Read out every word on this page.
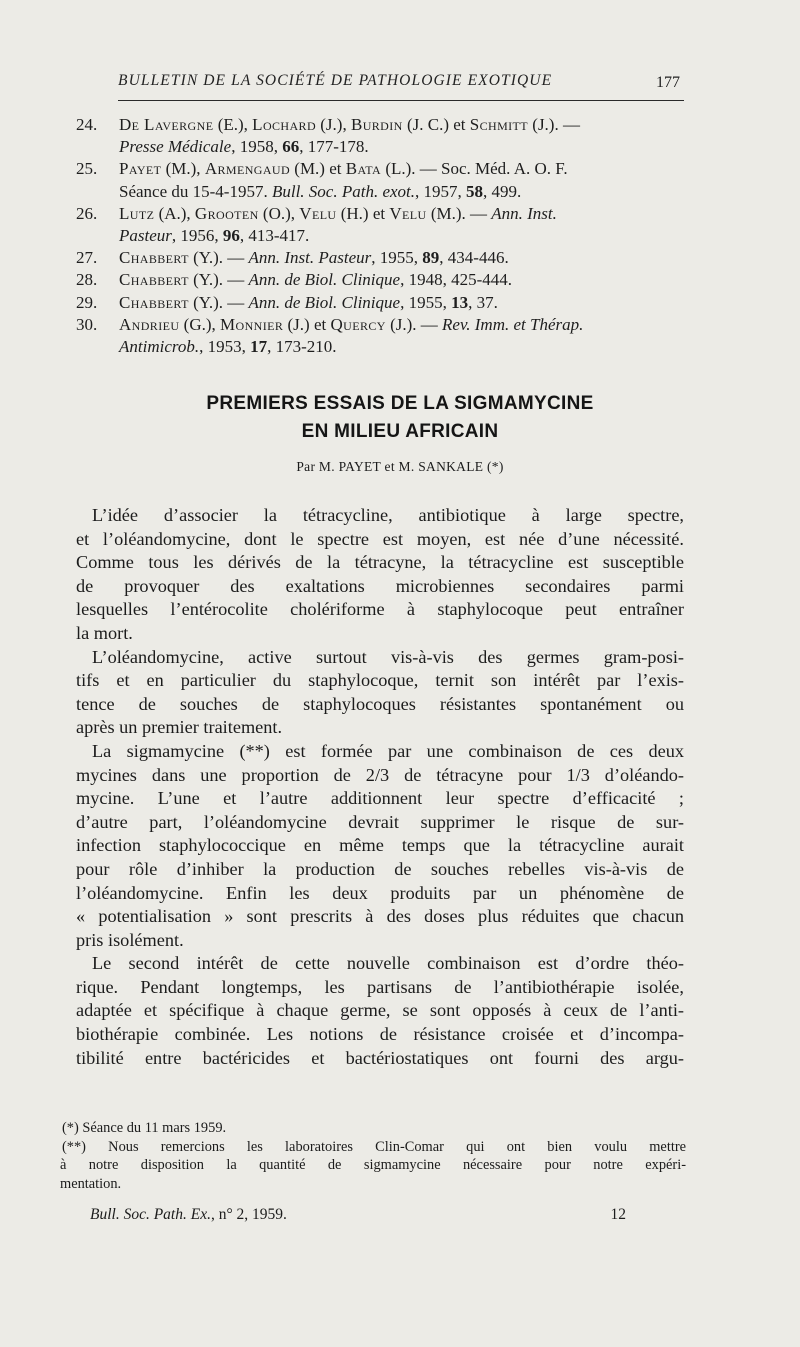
BULLETIN DE LA SOCIÉTÉ DE PATHOLOGIE EXOTIQUE	177
24.	De Lavergne (E.), Lochard (J.), Burdin (J. C.) et Schmitt (J.). —
Presse Médicale, 1958, 66, 177-178.
25.	Payet (M.), Armengaud (M.) et Bata (L.). — Soc. Méd. A. O. F.
Séance du 15-4-1957. Bull. Soc. Path. exot., 1957, 58, 499.
26.	Lutz (A.), Grooten (O.), Velu (H.) et Velu (M.). — Ann. Inst.
Pasteur, 1956, 96, 413-417.
27.	Chabbert (Y.). — Ann. Inst. Pasteur, 1955, 89, 434-446.
28.	Chabbert (Y.). — Ann. de Biol. Clinique, 1948, 425-444.
29.	Chabbert (Y.). — Ann. de Biol. Clinique, 1955, 13, 37.
30.	Andrieu (G.), Monnier (J.) et Quercy (J.). — Rev. Imm. et Thérap.
Antimicrob., 1953, 17, 173-210.
PREMIERS ESSAIS DE LA SIGMAMYCINE
EN MILIEU AFRICAIN
Par M. PAYET et M. SANKALE (*)
L’idée d’associer la tétracycline, antibiotique à large spectre,
et l’oléandomycine, dont le spectre est moyen, est née d’une nécessité.
Comme tous les dérivés de la tétracyne, la tétracycline est susceptible
de provoquer des exaltations microbiennes secondaires parmi
lesquelles l’entérocolite cholériforme à staphylocoque peut entraîner
la mort.
L’oléandomycine, active surtout vis-à-vis des germes gram-posi-
tifs et en particulier du staphylocoque, ternit son intérêt par l’exis-
tence de souches de staphylocoques résistantes spontanément ou
après un premier traitement.
La sigmamycine (**) est formée par une combinaison de ces deux
mycines dans une proportion de 2/3 de tétracyne pour 1/3 d’oléando-
mycine. L’une et l’autre additionnent leur spectre d’efficacité ;
d’autre part, l’oléandomycine devrait supprimer le risque de sur-
infection staphylococcique en même temps que la tétracycline aurait
pour rôle d’inhiber la production de souches rebelles vis-à-vis de
l’oléandomycine. Enfin les deux produits par un phénomène de
« potentialisation » sont prescrits à des doses plus réduites que chacun
pris isolément.
Le second intérêt de cette nouvelle combinaison est d’ordre théo-
rique. Pendant longtemps, les partisans de l’antibiothérapie isolée,
adaptée et spécifique à chaque germe, se sont opposés à ceux de l’anti-
biothérapie combinée. Les notions de résistance croisée et d’incompa-
tibilité entre bactéricides et bactériostatiques ont fourni des argu-
(*) Séance du 11 mars 1959.
(**) Nous remercions les laboratoires Clin-Comar qui ont bien voulu mettre
à notre disposition la quantité de sigmamycine nécessaire pour notre expéri-
mentation.
Bull. Soc. Path. Ex., n° 2, 1959.	12
